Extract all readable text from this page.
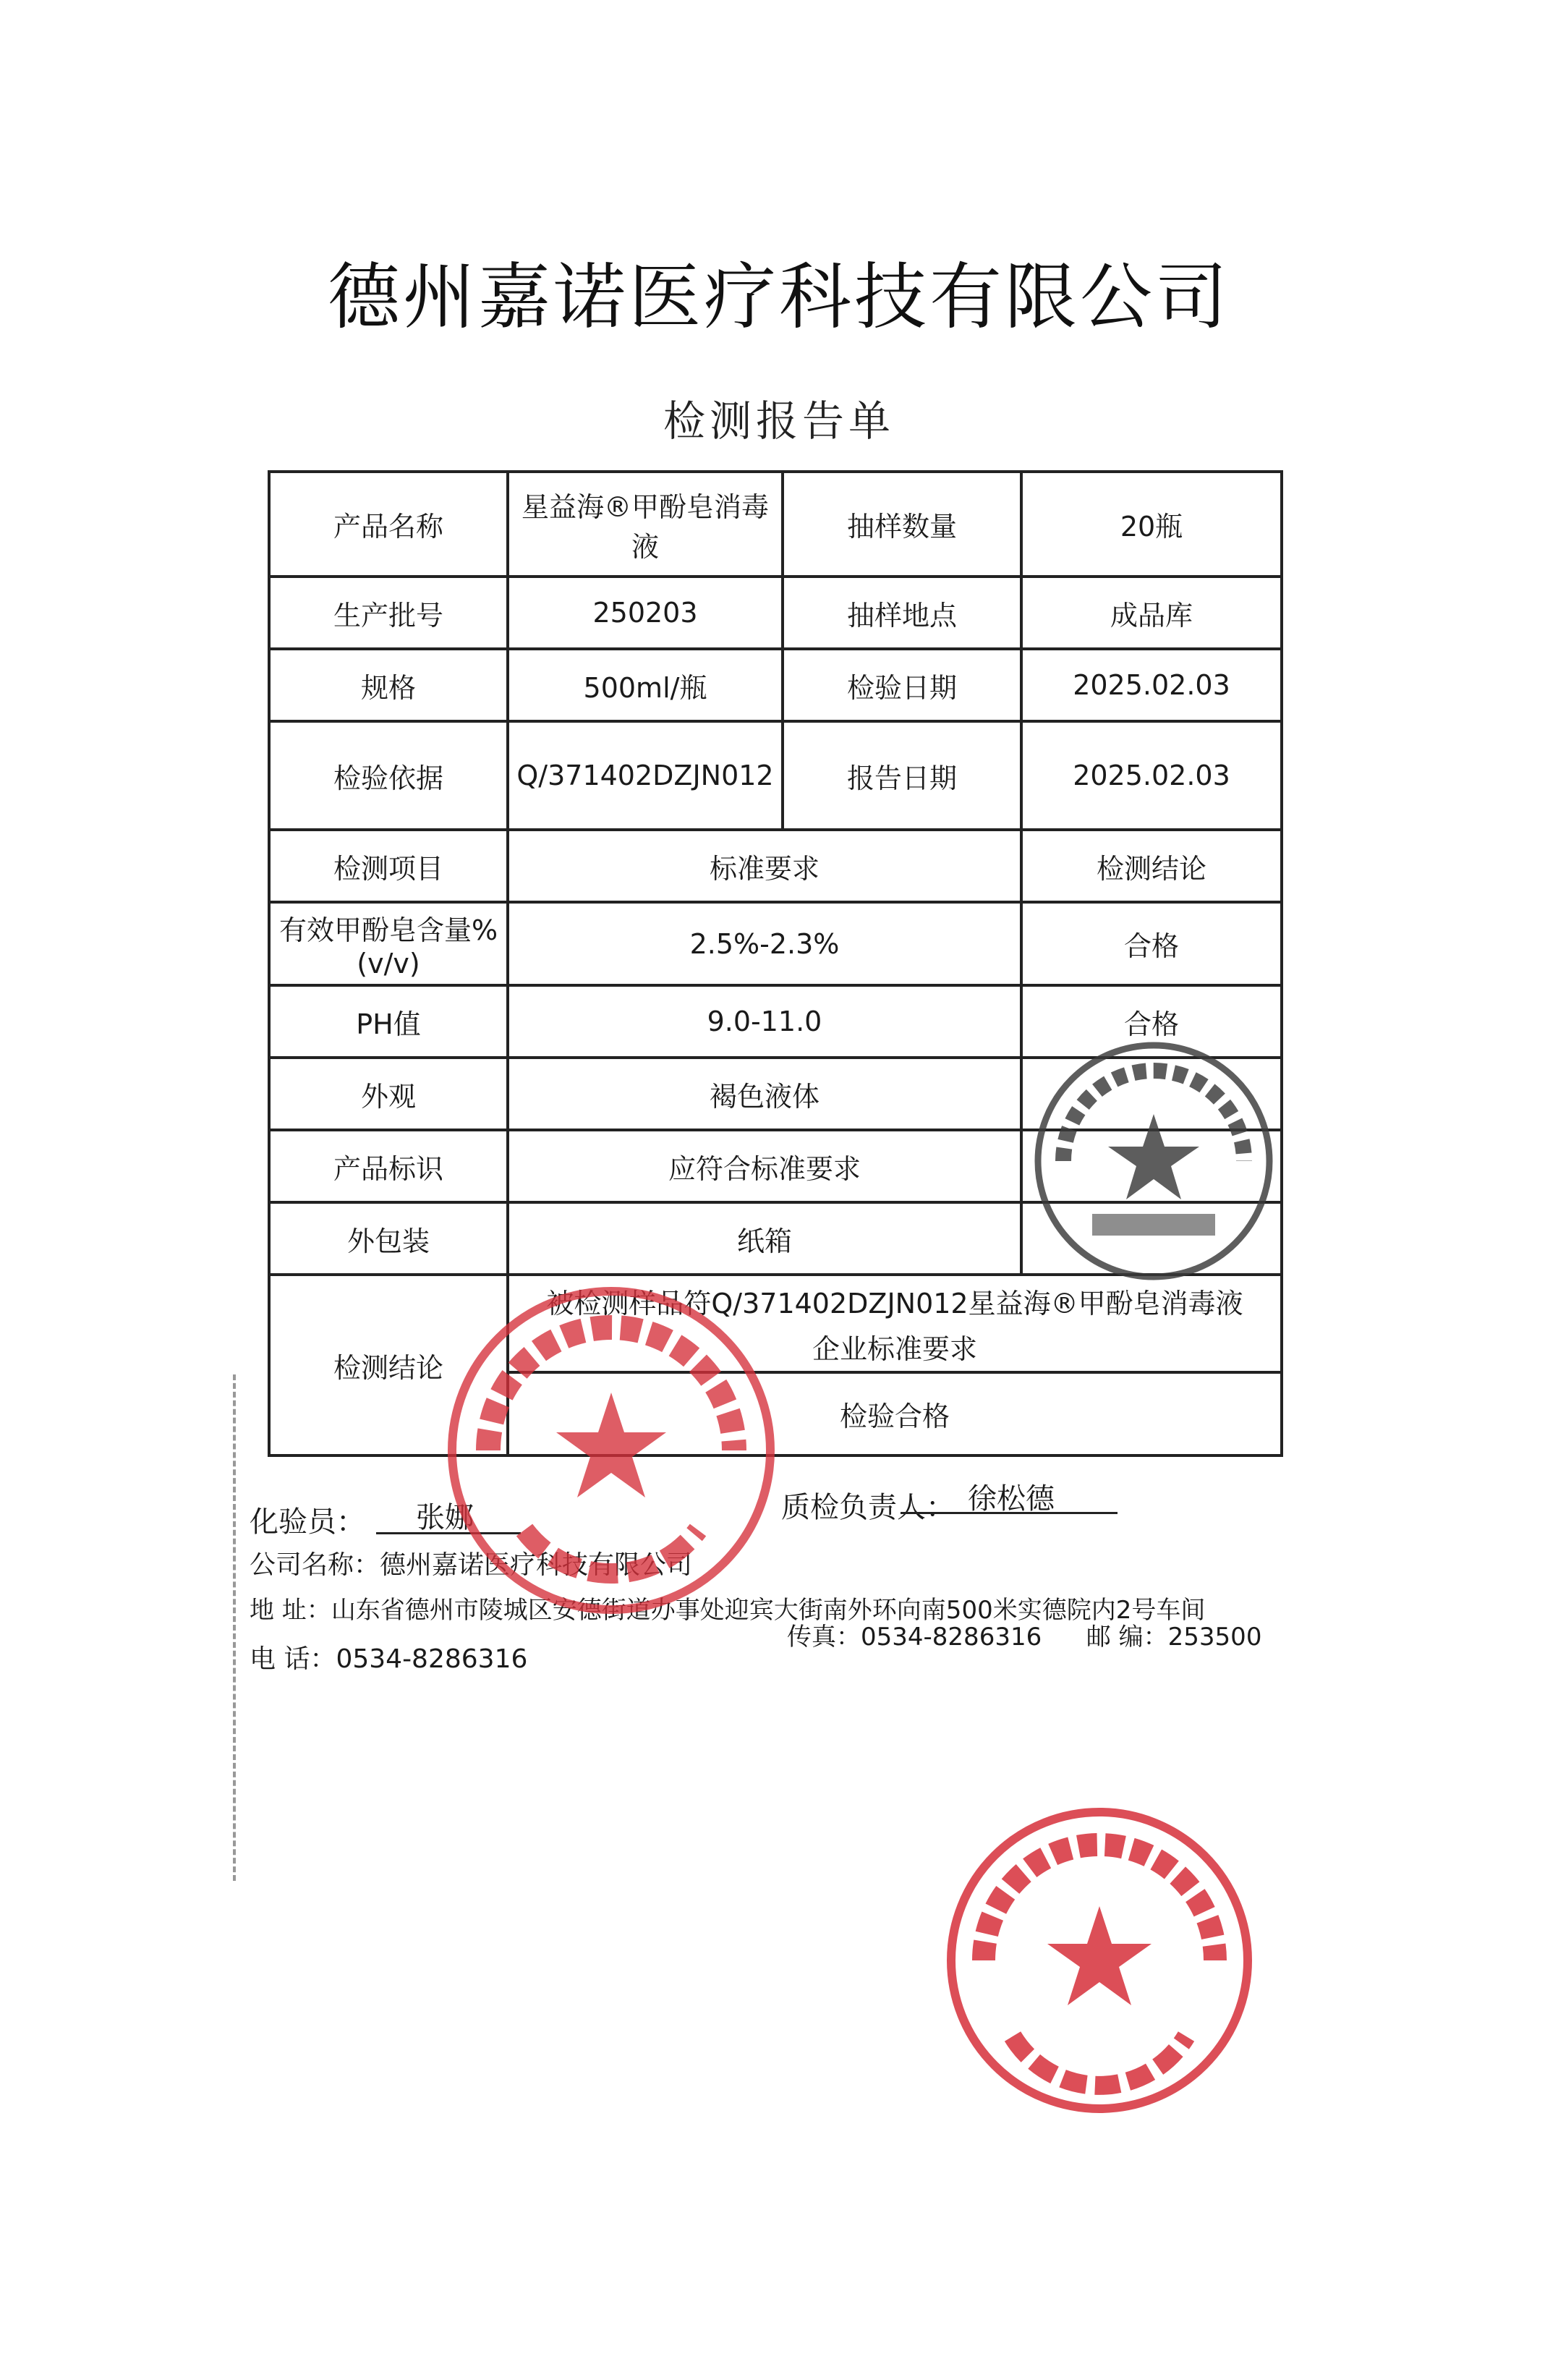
德州嘉诺医疗科技有限公司
检测报告单
产品名称	星益海®甲酚皂消毒液	抽样数量	20瓶
生产批号	250203	抽样地点	成品库
规格	500ml/瓶	检验日期	2025.02.03
检验依据	Q/371402DZJN012	报告日期	2025.02.03
检测项目	标准要求		检测结论
有效甲酚皂含量%(v/v)	2.5%-2.3%		合格
PH值	9.0-11.0		合格
外观	褐色液体		
产品标识	应符合标准要求		
外包装	纸箱		
检测结论	被检测样品符Q/371402DZJN012星益海®甲酚皂消毒液
企业标准要求		

	检验合格		
化验员： 张娜	质检负责人： 徐松德
公司名称：德州嘉诺医疗科技有限公司
地 址：山东省德州市陵城区安德街道办事处迎宾大街南外环向南500米实德院内2号车间
电 话：0534-8286316
传真：0534-8286316 邮 编：253500
